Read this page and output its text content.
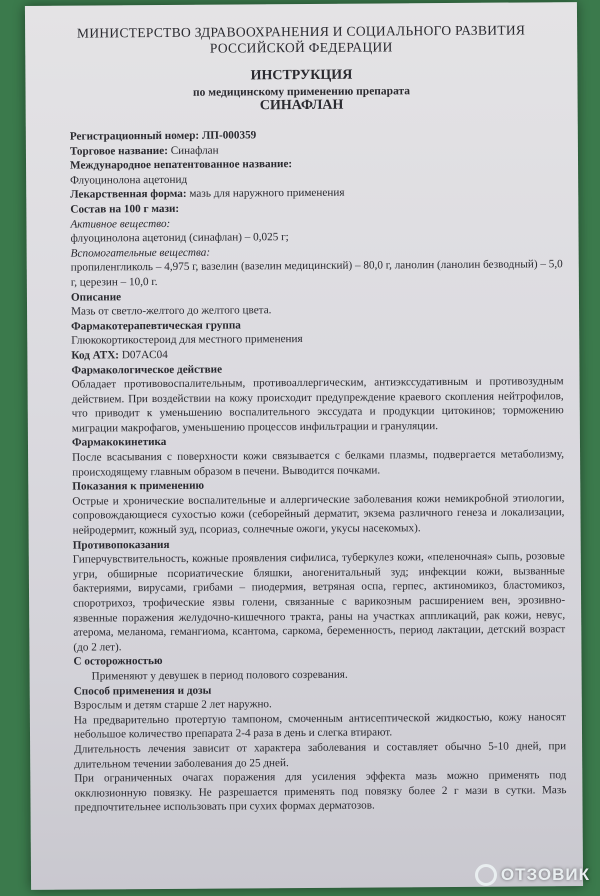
МИНИСТЕРСТВО ЗДРАВООХРАНЕНИЯ И СОЦИАЛЬНОГО РАЗВИТИЯ
РОССИЙСКОЙ ФЕДЕРАЦИИ
ИНСТРУКЦИЯ
по медицинскому применению препарата
СИНАФЛАН

Регистрационный номер: ЛП-000359

Торговое название: Синафлан

Международное непатентованное название:

Флуоцинолона ацетонид

Лекарственная форма: мазь для наружного применения

Состав на 100 г мази:

Активное вещество:

флуоцинолона ацетонид (синафлан) – 0,025 г;

Вспомогательные вещества:

пропиленгликоль – 4,975 г, вазелин (вазелин медицинский) – 80,0 г, ланолин (ланолин безводный) – 5,0 г, церезин – 10,0 г.

Описание

Мазь от светло-желтого до желтого цвета.

Фармакотерапевтическая группа

Глюкокортикостероид для местного применения

Код АТХ: D07AC04

Фармакологическое действие

Обладает противовоспалительным, противоаллергическим, антиэкссудативным и противозудным действием. При воздействии на кожу происходит предупреждение краевого скопления нейтрофилов, что приводит к уменьшению воспалительного экссудата и продукции цитокинов; торможению миграции макрофагов, уменьшению процессов инфильтрации и грануляции.

Фармакокинетика

После всасывания с поверхности кожи связывается с белками плазмы, подвергается метаболизму, происходящему главным образом в печени. Выводится почками.

Показания к применению

Острые и хронические воспалительные и аллергические заболевания кожи немикробной этиологии, сопровождающиеся сухостью кожи (себорейный дерматит, экзема различного генеза и локализации, нейродермит, кожный зуд, псориаз, солнечные ожоги, укусы насекомых).

Противопоказания

Гиперчувствительность, кожные проявления сифилиса, туберкулез кожи, «пеленочная» сыпь, розовые угри, обширные псориатические бляшки, аногенитальный зуд; инфекции кожи, вызванные бактериями, вирусами, грибами – пиодермия, ветряная оспа, герпес, актиномикоз, бластомикоз, споротрихоз, трофические язвы голени, связанные с варикозным расширением вен, эрозивно-язвенные поражения желудочно-кишечного тракта, раны на участках аппликаций, рак кожи, невус, атерома, меланома, гемангиома, ксантома, саркома, беременность, период лактации, детский возраст (до 2 лет).

С осторожностью

Применяют у девушек в период полового созревания.

Способ применения и дозы

Взрослым и детям старше 2 лет наружно.

На предварительно протертую тампоном, смоченным антисептической жидкостью, кожу наносят небольшое количество препарата 2-4 раза в день и слегка втирают.

Длительность лечения зависит от характера заболевания и составляет обычно 5-10 дней, при длительном течении заболевания до 25 дней.

При ограниченных очагах поражения для усиления эффекта мазь можно применять под окклюзионную повязку. Не разрешается применять под повязку более 2 г мази в сутки. Мазь предпочтительнее использовать при сухих формах дерматозов.

ОТЗОВИК
